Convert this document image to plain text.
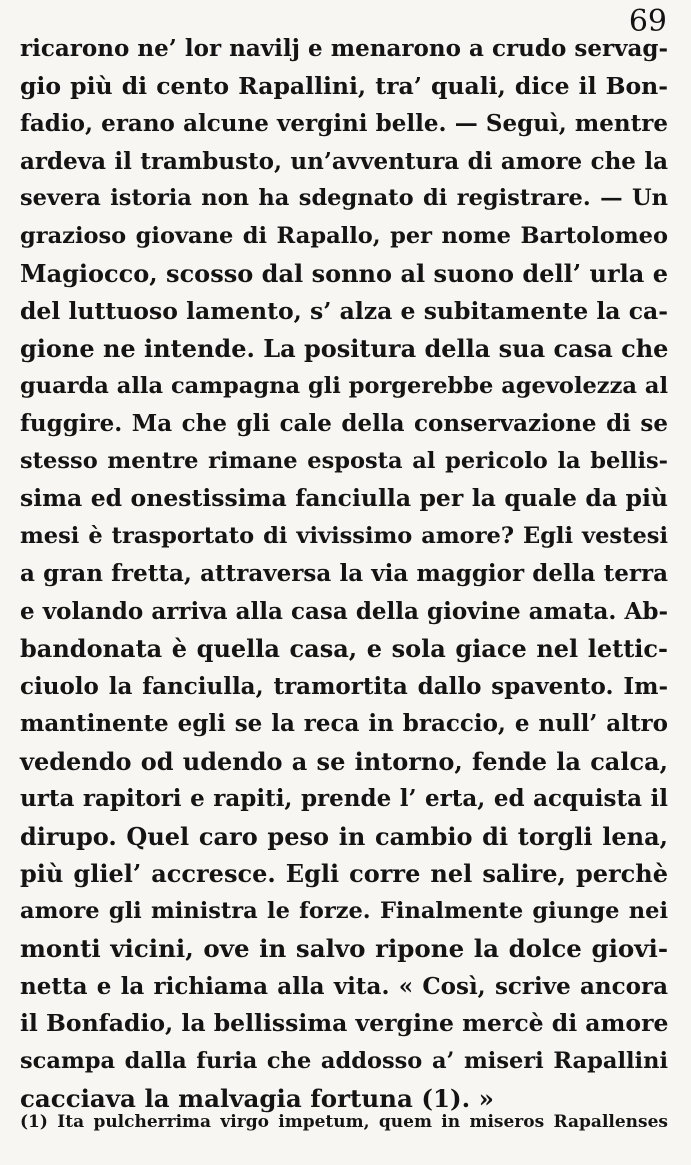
69
ricarono ne’ lor navilj e menarono a crudo servag-
gio più di cento Rapallini, tra’ quali, dice il Bon-
fadio, erano alcune vergini belle. — Seguì, mentre
ardeva il trambusto, un’avventura di amore che la
severa istoria non ha sdegnato di registrare. — Un
grazioso giovane di Rapallo, per nome Bartolomeo
Magiocco, scosso dal sonno al suono dell’ urla e
del luttuoso lamento, s’ alza e subitamente la ca-
gione ne intende. La positura della sua casa che
guarda alla campagna gli porgerebbe agevolezza al
fuggire. Ma che gli cale della conservazione di se
stesso mentre rimane esposta al pericolo la bellis-
sima ed onestissima fanciulla per la quale da più
mesi è trasportato di vivissimo amore? Egli vestesi
a gran fretta, attraversa la via maggior della terra
e volando arriva alla casa della giovine amata. Ab-
bandonata è quella casa, e sola giace nel lettic-
ciuolo la fanciulla, tramortita dallo spavento. Im-
mantinente egli se la reca in braccio, e null’ altro
vedendo od udendo a se intorno, fende la calca,
urta rapitori e rapiti, prende l’ erta, ed acquista il
dirupo. Quel caro peso in cambio di torgli lena,
più gliel’ accresce. Egli corre nel salire, perchè
amore gli ministra le forze. Finalmente giunge nei
monti vicini, ove in salvo ripone la dolce giovi-
netta e la richiama alla vita. « Così, scrive ancora
il Bonfadio, la bellissima vergine mercè di amore
scampa dalla furia che addosso a’ miseri Rapallini
cacciava la malvagia fortuna (1). »
(1) Ita pulcherrima virgo impetum, quem in miseros Rapallenses
